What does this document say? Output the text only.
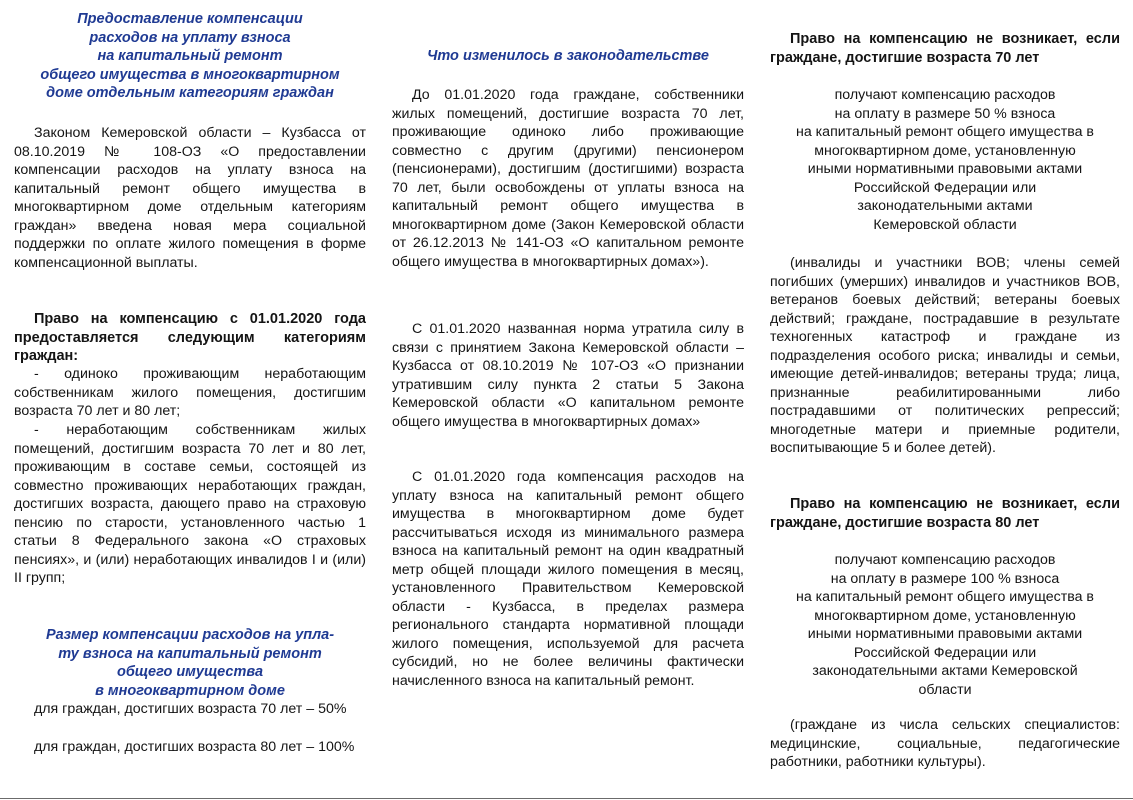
Предоставление компенсации
расходов на уплату взноса
на капитальный ремонт
общего имущества в многоквартирном
доме отдельным категориям граждан

Законом Кемеровской области – Кузбасса от 08.10.2019 № 108-ОЗ «О предоставлении компенсации расходов на уплату взноса на капитальный ремонт общего имущества в многоквартирном доме отдельным категориям граждан» введена новая мера социальной поддержки по оплате жилого помещения в форме компенсационной выплаты.

Право на компенсацию с 01.01.2020 года предоставляется следующим категориям граждан:

- одиноко проживающим неработающим собственникам жилого помещения, достигшим возраста 70 лет и 80 лет;

- неработающим собственникам жилых помещений, достигшим возраста 70 лет и 80 лет, проживающим в составе семьи, состоящей из совместно проживающих неработающих граждан, достигших возраста, дающего право на страховую пенсию по старости, установленного частью 1 статьи 8 Федерального закона «О страховых пенсиях», и (или) неработающих инвалидов I и (или) II групп;

Размер компенсации расходов на упла-
ту взноса на капитальный ремонт
общего имущества
в многоквартирном доме

для граждан, достигших возраста 70 лет – 50%

для граждан, достигших возраста 80 лет – 100%

Что изменилось в законодательстве

До 01.01.2020 года граждане, собственники жилых помещений, достигшие возраста 70 лет, проживающие одиноко либо проживающие совместно с другим (другими) пенсионером (пенсионерами), достигшим (достигшими) возраста 70 лет, были освобождены от уплаты взноса на капитальный ремонт общего имущества в многоквартирном доме (Закон Кемеровской области от 26.12.2013 № 141-ОЗ «О капитальном ремонте общего имущества в многоквартирных домах»).

С 01.01.2020 названная норма утратила силу в связи с принятием Закона Кемеровской области – Кузбасса от 08.10.2019 № 107-ОЗ «О признании утратившим силу пункта 2 статьи 5 Закона Кемеровской области «О капитальном ремонте общего имущества в многоквартирных домах»

С 01.01.2020 года компенсация расходов на уплату взноса на капитальный ремонт общего имущества в многоквартирном доме будет рассчитываться исходя из минимального размера взноса на капитальный ремонт на один квадратный метр общей площади жилого помещения в месяц, установленного Правительством Кемеровской области - Кузбасса, в пределах размера регионального стандарта нормативной площади жилого помещения, используемой для расчета субсидий, но не более величины фактически начисленного взноса на капитальный ремонт.

Право на компенсацию не возникает, если граждане, достигшие возраста 70 лет

получают компенсацию расходов
на оплату в размере 50 % взноса
на капитальный ремонт общего имущества в
многоквартирном доме, установленную
иными нормативными правовыми актами
Российской Федерации или
законодательными актами
Кемеровской области

(инвалиды и участники ВОВ; члены семей погибших (умерших) инвалидов и участников ВОВ, ветеранов боевых действий; ветераны боевых действий; граждане, пострадавшие в результате техногенных катастроф и граждане из подразделения особого риска; инвалиды и семьи, имеющие детей-инвалидов; ветераны труда; лица, признанные реабилитированными либо пострадавшими от политических репрессий; многодетные матери и приемные родители, воспитывающие 5 и более детей).

Право на компенсацию не возникает, если граждане, достигшие возраста 80 лет

получают компенсацию расходов
на оплату в размере 100 % взноса
на капитальный ремонт общего имущества в
многоквартирном доме, установленную
иными нормативными правовыми актами
Российской Федерации или
законодательными актами Кемеровской
области

(граждане из числа сельских специалистов: медицинские, социальные, педагогические работники, работники культуры).
